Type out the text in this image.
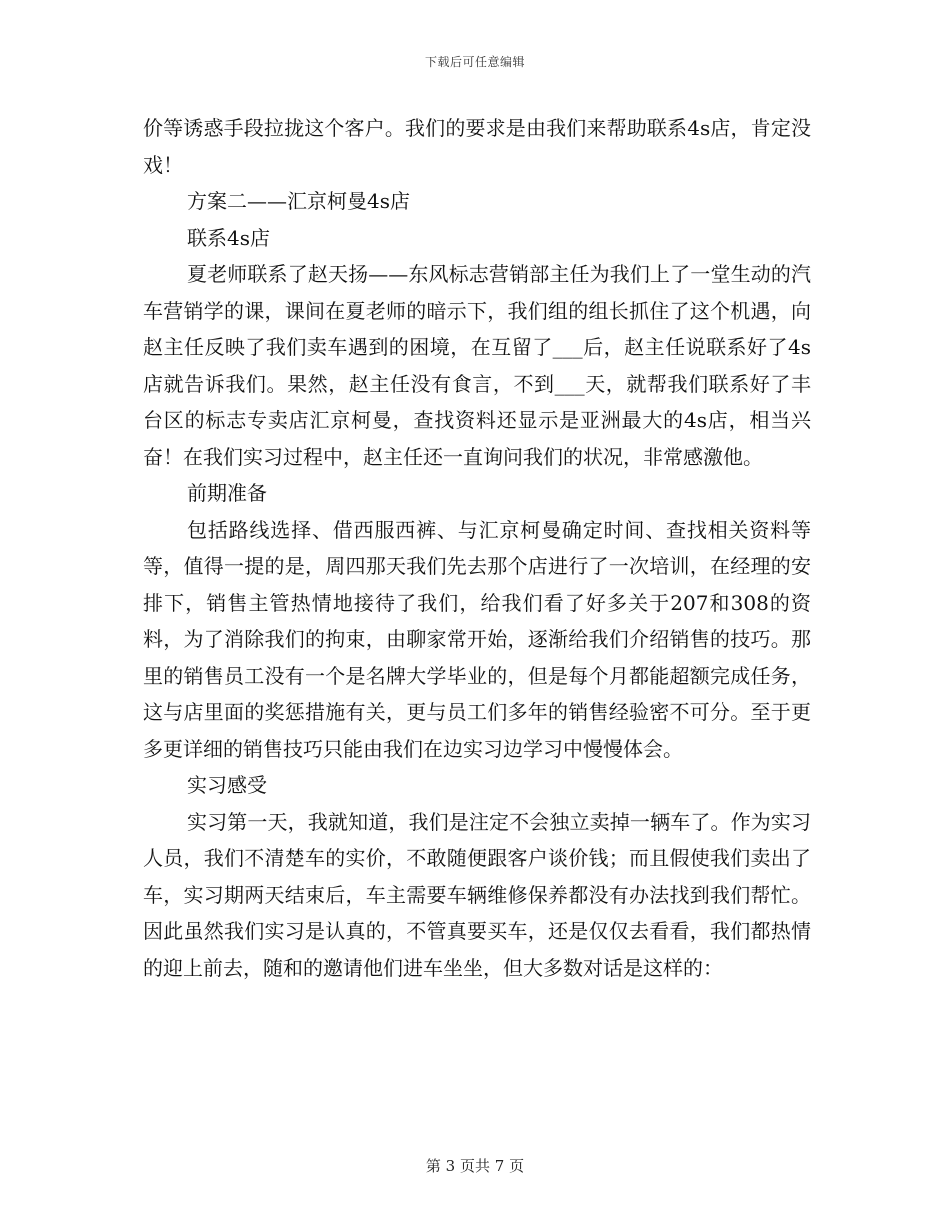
下载后可任意编辑

价等诱惑手段拉拢这个客户。我们的要求是由我们来帮助联系4s店，肯定没戏！

方案二——汇京柯曼4s店

联系4s店

夏老师联系了赵天扬——东风标志营销部主任为我们上了一堂生动的汽车营销学的课，课间在夏老师的暗示下，我们组的组长抓住了这个机遇，向赵主任反映了我们卖车遇到的困境，在互留了___后，赵主任说联系好了4s店就告诉我们。果然，赵主任没有食言，不到___天，就帮我们联系好了丰台区的标志专卖店汇京柯曼，查找资料还显示是亚洲最大的4s店，相当兴奋！在我们实习过程中，赵主任还一直询问我们的状况，非常感激他。

前期准备

包括路线选择、借西服西裤、与汇京柯曼确定时间、查找相关资料等等，值得一提的是，周四那天我们先去那个店进行了一次培训，在经理的安排下，销售主管热情地接待了我们，给我们看了好多关于207和308的资料，为了消除我们的拘束，由聊家常开始，逐渐给我们介绍销售的技巧。那里的销售员工没有一个是名牌大学毕业的，但是每个月都能超额完成任务，这与店里面的奖惩措施有关，更与员工们多年的销售经验密不可分。至于更多更详细的销售技巧只能由我们在边实习边学习中慢慢体会。

实习感受

实习第一天，我就知道，我们是注定不会独立卖掉一辆车了。作为实习人员，我们不清楚车的实价，不敢随便跟客户谈价钱；而且假使我们卖出了车，实习期两天结束后，车主需要车辆维修保养都没有办法找到我们帮忙。因此虽然我们实习是认真的，不管真要买车，还是仅仅去看看，我们都热情的迎上前去，随和的邀请他们进车坐坐，但大多数对话是这样的：

第 3 页共 7 页
